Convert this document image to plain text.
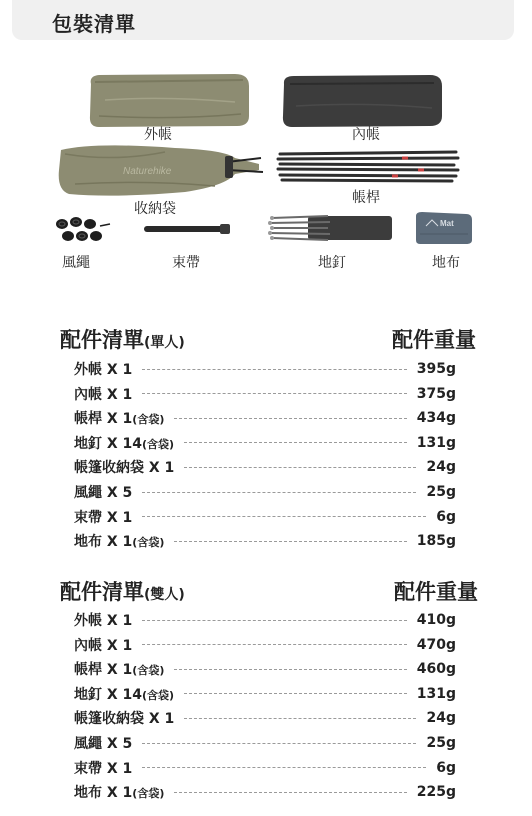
包裝清單
外帳	內帳
Naturehike
收納袋
帳桿
風繩	束帶	地釘
Mat
地布
配件清單(單人)	配件重量
外帳 X 1	395g
內帳 X 1	375g
帳桿 X 1(含袋)	434g
地釘 X 14(含袋)	131g
帳篷收納袋 X 1	24g
風繩 X 5	25g
束帶 X 1	6g
地布 X 1(含袋)	185g
配件清單(雙人)	配件重量
外帳 X 1	410g
內帳 X 1	470g
帳桿 X 1(含袋)	460g
地釘 X 14(含袋)	131g
帳篷收納袋 X 1	24g
風繩 X 5	25g
束帶 X 1	6g
地布 X 1(含袋)	225g
